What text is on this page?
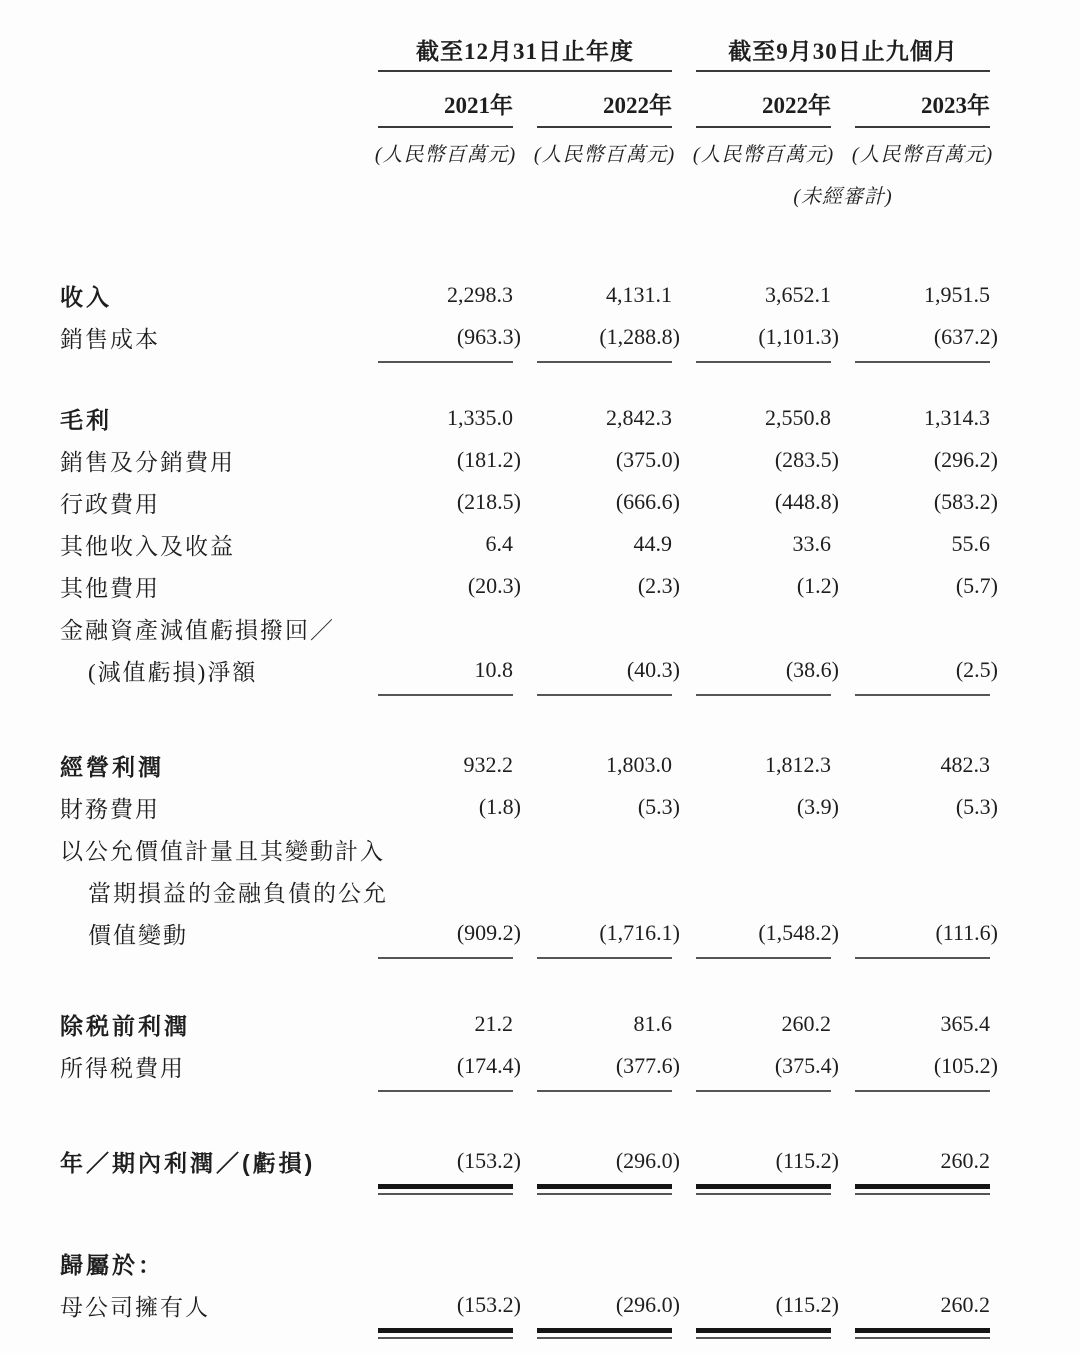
截至12月31日止年度	截至9月30日止九個月
2021年	2022年	2022年	2023年
(人民幣百萬元) (人民幣百萬元) (人民幣百萬元) (人民幣百萬元)
(未經審計)
收入	2,298.3	4,131.1	3,652.1	1,951.5
銷售成本	(963.3)	(1,288.8)	(1,101.3)	(637.2)
毛利	1,335.0	2,842.3	2,550.8	1,314.3
銷售及分銷費用	(181.2)	(375.0)	(283.5)	(296.2)
行政費用	(218.5)	(666.6)	(448.8)	(583.2)
其他收入及收益	6.4	44.9	33.6	55.6
其他費用	(20.3)	(2.3)	(1.2)	(5.7)
金融資產減值虧損撥回／
(減值虧損)淨額	10.8	(40.3)	(38.6)	(2.5)
經營利潤	932.2	1,803.0	1,812.3	482.3
財務費用	(1.8)	(5.3)	(3.9)	(5.3)
以公允價值計量且其變動計入
當期損益的金融負債的公允
價值變動	(909.2)	(1,716.1)	(1,548.2)	(111.6)
除税前利潤	21.2	81.6	260.2	365.4
所得税費用	(174.4)	(377.6)	(375.4)	(105.2)
年／期內利潤／(虧損)	(153.2)	(296.0)	(115.2)	260.2
歸屬於：
母公司擁有人	(153.2)	(296.0)	(115.2)	260.2
